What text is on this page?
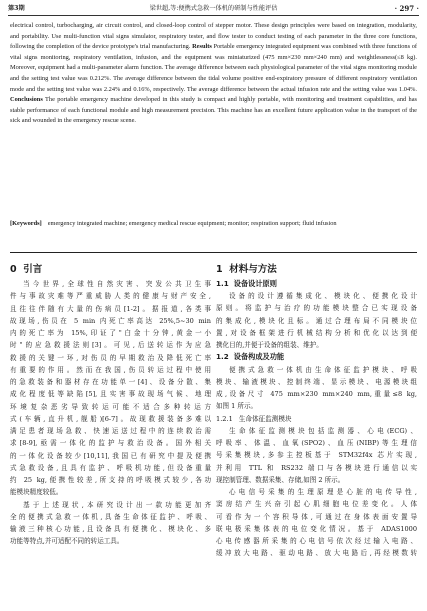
第3期	梁世超,等:便携式急救一体机的研制与性能评估	· 297 ·

electrical control, turbocharging, air circuit control, and closed-loop control of stepper motor. These design principles were based on integration, modularity, and portability. Use multi-function vital signs simulator, respiratory tester, and flow tester to conduct testing of each parameter in the three core functions, following the completion of the device prototype's trial manufacturing. Results Portable emergency integrated equipment was combined with three functions of vital signs monitoring, respiratory ventilation, infusion, and the equipment was miniaturized (475 mm×230 mm×240 mm) and weightlessness(≤8 kg). Moreover, equipment had a multi-parameter alarm function. The average difference between each physiological parameter of the vital signs monitoring module and the setting test value was 0.212%. The average difference between the tidal volume positive end-expiratory pressure of different respiratory ventilation mode and the setting test value was 2.24% and 0.16%, respectively. The average difference between the actual infusion rate and the setting value was 1.04%. Conclusions The portable emergency machine developed in this study is compact and highly portable, with monitoring and treatment capabilities, and has stable performance of each functional module and high measurement precision. This machine has an excellent future application value in the transport of the sick and wounded in the emergency rescue scene.

[Keywords] emergency integrated machine; emergency medical rescue equipment; monitor; respiration support; fluid infusion
0 引言
当今世界,全球性自然灾害、突发公共卫生事
件与事故灾难等严重威胁人类的健康与财产安全,
且往往伴随有大量的伤病员[1-2]。据报道,各类事
故现场,伤员在 5 min 内死亡率高达 25%,5~30 min
内的死亡率为 15%,印证了"白金十分钟,黄金一小
时"的应急救援法则[3]。可见,后送转运作为应急
救援的关键一环,对伤员的早期救治及降低死亡率
有重要的作用。然而在我国,伤员转运过程中使用
的急救装备和器材存在功能单一[4]、设备分散、集
成化程度低等缺陷[5],且实害事故现场气候、地理
环境复杂恶劣导致转运可能不适合多种转运方
式(车辆,直升机,舰船)[6-7]。故现救援装备多难以
满足患者现场急救、快速运送过程中的连续救治需
求[8-9],亟需一体化的监护与救治设备。国外相关
的一体化设备较少[10,11],我国已有研究中提及便携
式急救设备,且具有监护、呼吸机功能,但设备重量
约 25 kg,便携性较差,所支持的呼吸模式较少,各功
能模块精度较低。
基于上述现状,本研究设计出一款功能更加齐
全的便携式急救一体机,具备生命体征监护、呼吸、
输液三种核心功能,且设备具有便携化、模块化、多
功能等特点,并可适配不同的转运工具。
1 材料与方法
1.1 设备设计原则
设备的设计遵循集成化、模块化、便携化设计
原则。将监护与治疗的功能模块整合已实现设备
的集成化,模块化且标。通过合理布局不同模块位
置,对设备框架进行机械结构分析和优化以达到便
携化目的,并便于设备的组装、维护。
1.2 设备构成及功能
便携式急救一体机由生命体征监护模块、呼吸
模块、输液模块、控制终端、显示模块、电源模块组
成,设备尺寸 475 mm×230 mm×240 mm,重量≤8 kg,
如图 1 所示。
1.2.1 生命体征监测模块
生命体征监测模块包括监测器、心电(ECG)、
呼吸率、体温、血氧(SPO2)、血压(NIBP)等生理信
号采集模块,多参主控板基于 STM32f4x 芯片实现,
并利用 TTL 和 RS232 端口与各模块进行通信以实
现控制管理、数据采集、存储,如图 2 所示。
心电信号采集的生理原理是心脏的电传导性,
窦房结产生兴奋引起心肌细胞电位差变化。人体
可看作为一个容积导体,可通过在身体表面安置导
联电极采集体表的电位变化情况。基于 ADAS1000
心电传感器所采集的心电信号依次经过输入电路、
缓冲放大电路、驱动电路、放大电路后,再经模数转
